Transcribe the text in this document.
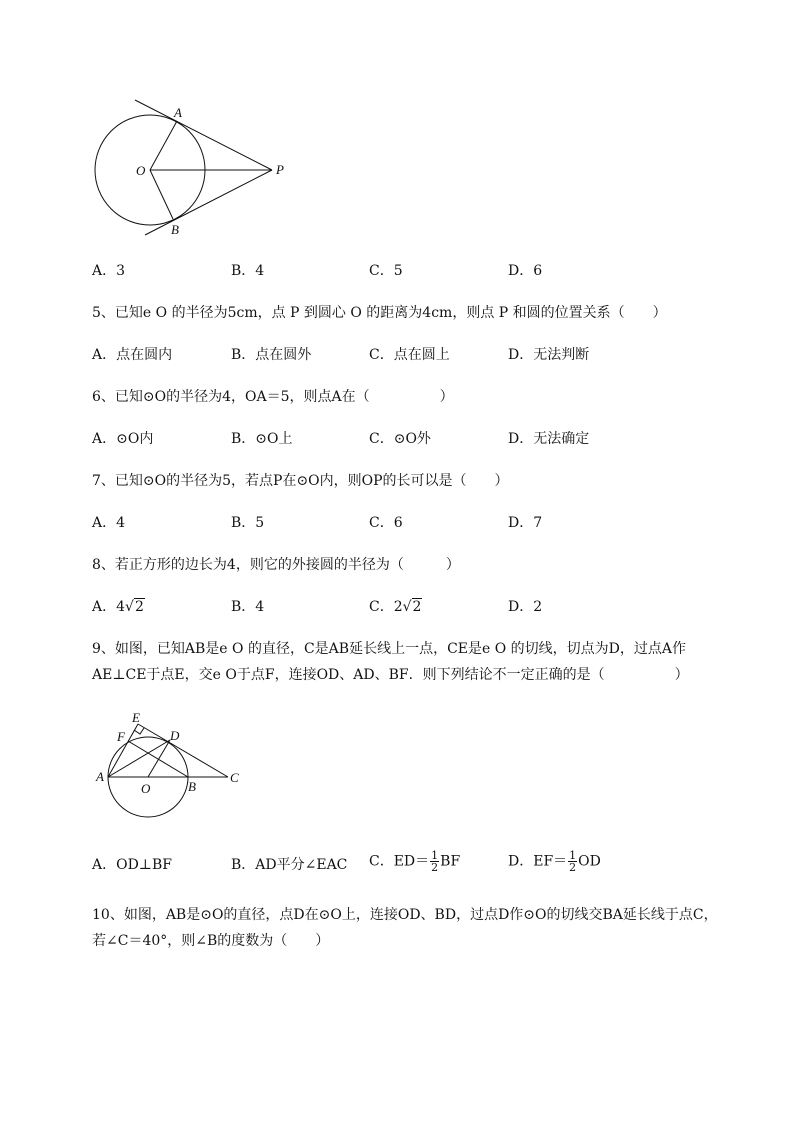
A
O	P
B
A．3	B．4	C．5	D．6
5、已知e O 的半径为5cm，点 P 到圆心 O 的距离为4cm，则点 P 和圆的位置关系（　　）
A．点在圆内	B．点在圆外	C．点在圆上	D．无法判断
6、已知⊙O的半径为4，OA＝5，则点A在（　　　　　）
A．⊙O内	B．⊙O上	C．⊙O外	D．无法确定
7、已知⊙O的半径为5，若点P在⊙O内，则OP的长可以是（　　）
A．4	B．5	C．6	D．7
8、若正方形的边长为4，则它的外接圆的半径为（　　　）
A．4√2	B．4	C．2√2	D．2
9、如图，已知AB是e O 的直径，C是AB延长线上一点，CE是e O 的切线，切点为D，过点A作
AE⊥CE于点E，交e O于点F，连接OD、AD、BF．则下列结论不一定正确的是（　　　　　）
E
F	D
A
O	B
C
A．OD⊥BF	B．AD平分∠EAC C．$ED= \frac{1}{2}$ BF	D．$EF= \frac{1}{2}$ OD
10、如图，AB是⊙O的直径，点D在⊙O上，连接OD、BD，过点D作⊙O的切线交BA延长线于点C，
若∠C＝40°，则∠B的度数为（　　）
